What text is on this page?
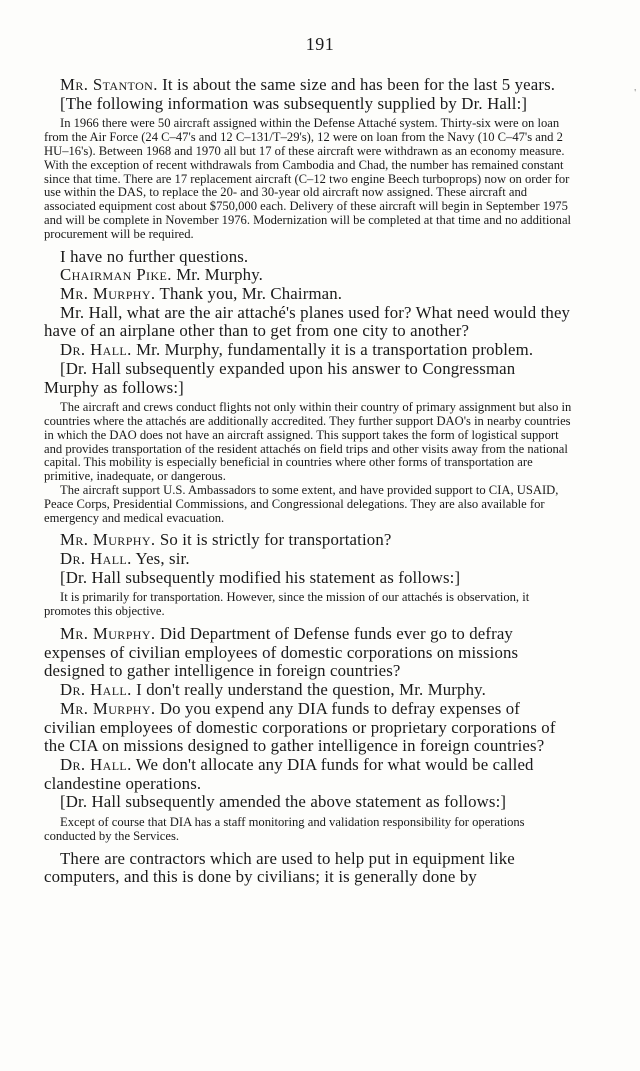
191
'

Mr. Stanton. It is about the same size and has been for the last 5 years.

[The following information was subsequently supplied by Dr. Hall:]

In 1966 there were 50 aircraft assigned within the Defense Attaché system. Thirty-six were on loan from the Air Force (24 C–47's and 12 C–131/T–29's), 12 were on loan from the Navy (10 C–47's and 2 HU–16's). Between 1968 and 1970 all but 17 of these aircraft were withdrawn as an economy measure. With the exception of recent withdrawals from Cambodia and Chad, the number has remained constant since that time. There are 17 replacement aircraft (C–12 two engine Beech turboprops) now on order for use within the DAS, to replace the 20- and 30-year old aircraft now assigned. These aircraft and associated equipment cost about $750,000 each. Delivery of these aircraft will begin in September 1975 and will be complete in November 1976. Modernization will be completed at that time and no additional procurement will be required.

I have no further questions.

Chairman Pike. Mr. Murphy.

Mr. Murphy. Thank you, Mr. Chairman.

Mr. Hall, what are the air attaché's planes used for? What need would they have of an airplane other than to get from one city to another?

Dr. Hall. Mr. Murphy, fundamentally it is a transportation problem.

[Dr. Hall subsequently expanded upon his answer to Congressman Murphy as follows:]

The aircraft and crews conduct flights not only within their country of primary assignment but also in countries where the attachés are additionally accredited. They further support DAO's in nearby countries in which the DAO does not have an aircraft assigned. This support takes the form of logistical support and provides transportation of the resident attachés on field trips and other visits away from the national capital. This mobility is especially beneficial in countries where other forms of transportation are primitive, inadequate, or dangerous.

The aircraft support U.S. Ambassadors to some extent, and have provided support to CIA, USAID, Peace Corps, Presidential Commissions, and Congressional delegations. They are also available for emergency and medical evacuation.

Mr. Murphy. So it is strictly for transportation?

Dr. Hall. Yes, sir.

[Dr. Hall subsequently modified his statement as follows:]

It is primarily for transportation. However, since the mission of our attachés is observation, it promotes this objective.

Mr. Murphy. Did Department of Defense funds ever go to defray expenses of civilian employees of domestic corporations on missions designed to gather intelligence in foreign countries?

Dr. Hall. I don't really understand the question, Mr. Murphy.

Mr. Murphy. Do you expend any DIA funds to defray expenses of civilian employees of domestic corporations or proprietary corporations of the CIA on missions designed to gather intelligence in foreign countries?

Dr. Hall. We don't allocate any DIA funds for what would be called clandestine operations.

[Dr. Hall subsequently amended the above statement as follows:]

Except of course that DIA has a staff monitoring and validation responsibility for operations conducted by the Services.

There are contractors which are used to help put in equipment like computers, and this is done by civilians; it is generally done by
